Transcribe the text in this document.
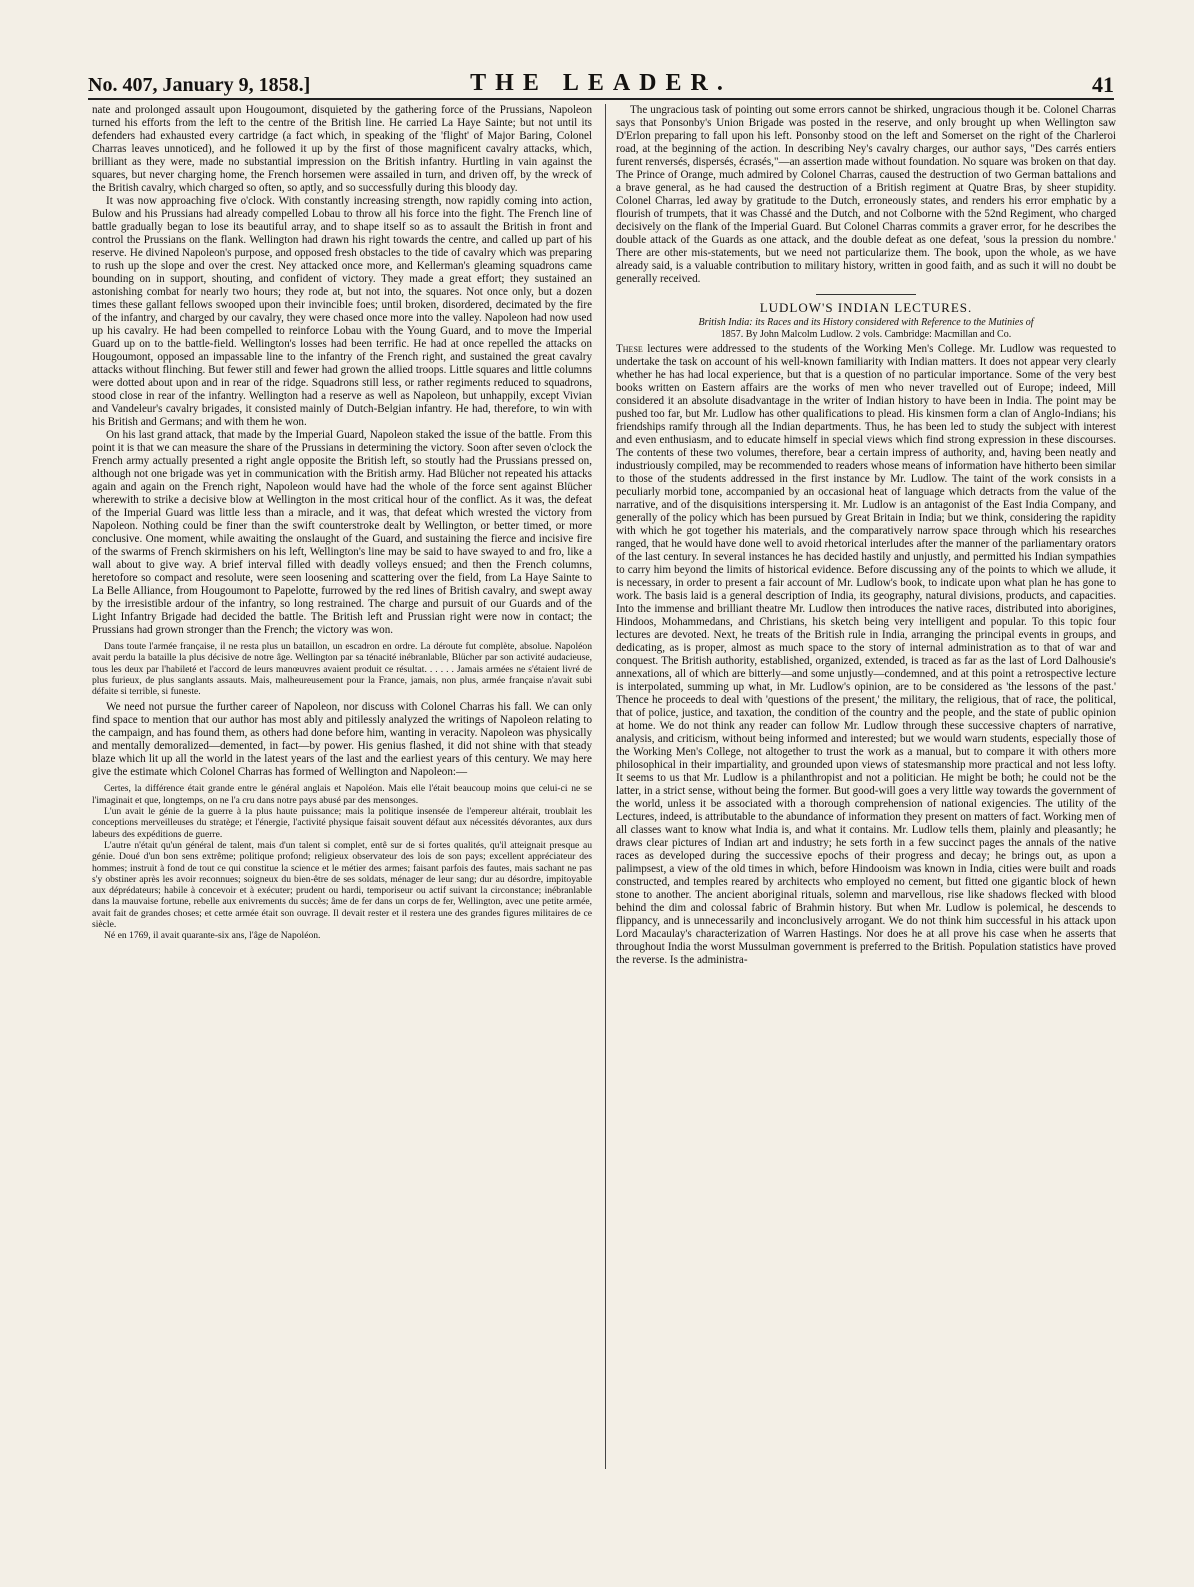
No. 407, January 9, 1858.]	THE LEADER.	41

nate and prolonged assault upon Hougoumont, disquieted by the gathering force of the Prussians, Napoleon turned his efforts from the left to the centre of the British line. He carried La Haye Sainte; but not until its defenders had exhausted every cartridge (a fact which, in speaking of the 'flight' of Major Baring, Colonel Charras leaves unnoticed), and he followed it up by the first of those magnificent cavalry attacks, which, brilliant as they were, made no substantial impression on the British infantry. Hurtling in vain against the squares, but never charging home, the French horsemen were assailed in turn, and driven off, by the wreck of the British cavalry, which charged so often, so aptly, and so successfully during this bloody day.

It was now approaching five o'clock. With constantly increasing strength, now rapidly coming into action, Bulow and his Prussians had already compelled Lobau to throw all his force into the fight. The French line of battle gradually began to lose its beautiful array, and to shape itself so as to assault the British in front and control the Prussians on the flank. Wellington had drawn his right towards the centre, and called up part of his reserve. He divined Napoleon's purpose, and opposed fresh obstacles to the tide of cavalry which was preparing to rush up the slope and over the crest. Ney attacked once more, and Kellerman's gleaming squadrons came bounding on in support, shouting, and confident of victory. They made a great effort; they sustained an astonishing combat for nearly two hours; they rode at, but not into, the squares. Not once only, but a dozen times these gallant fellows swooped upon their invincible foes; until broken, disordered, decimated by the fire of the infantry, and charged by our cavalry, they were chased once more into the valley. Napoleon had now used up his cavalry. He had been compelled to reinforce Lobau with the Young Guard, and to move the Imperial Guard up on to the battle-field. Wellington's losses had been terrific. He had at once repelled the attacks on Hougoumont, opposed an impassable line to the infantry of the French right, and sustained the great cavalry attacks without flinching. But fewer still and fewer had grown the allied troops. Little squares and little columns were dotted about upon and in rear of the ridge. Squadrons still less, or rather regiments reduced to squadrons, stood close in rear of the infantry. Wellington had a reserve as well as Napoleon, but unhappily, except Vivian and Vandeleur's cavalry brigades, it consisted mainly of Dutch-Belgian infantry. He had, therefore, to win with his British and Germans; and with them he won.

On his last grand attack, that made by the Imperial Guard, Napoleon staked the issue of the battle. From this point it is that we can measure the share of the Prussians in determining the victory. Soon after seven o'clock the French army actually presented a right angle opposite the British left, so stoutly had the Prussians pressed on, although not one brigade was yet in communication with the British army. Had Blücher not repeated his attacks again and again on the French right, Napoleon would have had the whole of the force sent against Blücher wherewith to strike a decisive blow at Wellington in the most critical hour of the conflict. As it was, the defeat of the Imperial Guard was little less than a miracle, and it was, that defeat which wrested the victory from Napoleon. Nothing could be finer than the swift counterstroke dealt by Wellington, or better timed, or more conclusive. One moment, while awaiting the onslaught of the Guard, and sustaining the fierce and incisive fire of the swarms of French skirmishers on his left, Wellington's line may be said to have swayed to and fro, like a wall about to give way. A brief interval filled with deadly volleys ensued; and then the French columns, heretofore so compact and resolute, were seen loosening and scattering over the field, from La Haye Sainte to La Belle Alliance, from Hougoumont to Papelotte, furrowed by the red lines of British cavalry, and swept away by the irresistible ardour of the infantry, so long restrained. The charge and pursuit of our Guards and of the Light Infantry Brigade had decided the battle. The British left and Prussian right were now in contact; the Prussians had grown stronger than the French; the victory was won.

Dans toute l'armée française, il ne resta plus un bataillon, un escadron en ordre. La déroute fut complète, absolue. Napoléon avait perdu la bataille la plus décisive de notre âge. Wellington par sa ténacité inébranlable, Blücher par son activité audacieuse, tous les deux par l'habileté et l'accord de leurs manœuvres avaient produit ce résultat. . . . . . Jamais armées ne s'étaient livré de plus furieux, de plus sanglants assauts. Mais, malheureusement pour la France, jamais, non plus, armée française n'avait subi défaite si terrible, si funeste.

We need not pursue the further career of Napoleon, nor discuss with Colonel Charras his fall. We can only find space to mention that our author has most ably and pitilessly analyzed the writings of Napoleon relating to the campaign, and has found them, as others had done before him, wanting in veracity. Napoleon was physically and mentally demoralized—demented, in fact—by power. His genius flashed, it did not shine with that steady blaze which lit up all the world in the latest years of the last and the earliest years of this century. We may here give the estimate which Colonel Charras has formed of Wellington and Napoleon:—

Certes, la différence était grande entre le général anglais et Napoléon. Mais elle l'était beaucoup moins que celui-ci ne se l'imaginait et que, longtemps, on ne l'a cru dans notre pays abusé par des mensonges.

L'un avait le génie de la guerre à la plus haute puissance; mais la politique insensée de l'empereur altérait, troublait les conceptions merveilleuses du stratège; et l'énergie, l'activité physique faisait souvent défaut aux nécessités dévorantes, aux durs labeurs des expéditions de guerre.

L'autre n'était qu'un général de talent, mais d'un talent si complet, entê sur de si fortes qualités, qu'il atteignait presque au génie. Doué d'un bon sens extrême; politique profond; religieux observateur des lois de son pays; excellent appréciateur des hommes; instruit à fond de tout ce qui constitue la science et le métier des armes; faisant parfois des fautes, mais sachant ne pas s'y obstiner après les avoir reconnues; soigneux du bien-être de ses soldats, ménager de leur sang; dur au désordre, impitoyable aux déprédateurs; habile à concevoir et à exécuter; prudent ou hardi, temporiseur ou actif suivant la circonstance; inébranlable dans la mauvaise fortune, rebelle aux enivrements du succès; âme de fer dans un corps de fer, Wellington, avec une petite armée, avait fait de grandes choses; et cette armée était son ouvrage. Il devait rester et il restera une des grandes figures militaires de ce siècle.

Né en 1769, il avait quarante-six ans, l'âge de Napoléon.

The ungracious task of pointing out some errors cannot be shirked, ungracious though it be. Colonel Charras says that Ponsonby's Union Brigade was posted in the reserve, and only brought up when Wellington saw D'Erlon preparing to fall upon his left. Ponsonby stood on the left and Somerset on the right of the Charleroi road, at the beginning of the action. In describing Ney's cavalry charges, our author says, "Des carrés entiers furent renversés, dispersés, écrasés,"—an assertion made without foundation. No square was broken on that day. The Prince of Orange, much admired by Colonel Charras, caused the destruction of two German battalions and a brave general, as he had caused the destruction of a British regiment at Quatre Bras, by sheer stupidity. Colonel Charras, led away by gratitude to the Dutch, erroneously states, and renders his error emphatic by a flourish of trumpets, that it was Chassé and the Dutch, and not Colborne with the 52nd Regiment, who charged decisively on the flank of the Imperial Guard. But Colonel Charras commits a graver error, for he describes the double attack of the Guards as one attack, and the double defeat as one defeat, 'sous la pression du nombre.' There are other mis-statements, but we need not particularize them. The book, upon the whole, as we have already said, is a valuable contribution to military history, written in good faith, and as such it will no doubt be generally received.

LUDLOW'S INDIAN LECTURES.
British India: its Races and its History considered with Reference to the Mutinies of
1857. By John Malcolm Ludlow. 2 vols. Cambridge: Macmillan and Co.

These lectures were addressed to the students of the Working Men's College. Mr. Ludlow was requested to undertake the task on account of his well-known familiarity with Indian matters. It does not appear very clearly whether he has had local experience, but that is a question of no particular importance. Some of the very best books written on Eastern affairs are the works of men who never travelled out of Europe; indeed, Mill considered it an absolute disadvantage in the writer of Indian history to have been in India. The point may be pushed too far, but Mr. Ludlow has other qualifications to plead. His kinsmen form a clan of Anglo-Indians; his friendships ramify through all the Indian departments. Thus, he has been led to study the subject with interest and even enthusiasm, and to educate himself in special views which find strong expression in these discourses. The contents of these two volumes, therefore, bear a certain impress of authority, and, having been neatly and industriously compiled, may be recommended to readers whose means of information have hitherto been similar to those of the students addressed in the first instance by Mr. Ludlow. The taint of the work consists in a peculiarly morbid tone, accompanied by an occasional heat of language which detracts from the value of the narrative, and of the disquisitions interspersing it. Mr. Ludlow is an antagonist of the East India Company, and generally of the policy which has been pursued by Great Britain in India; but we think, considering the rapidity with which he got together his materials, and the comparatively narrow space through which his researches ranged, that he would have done well to avoid rhetorical interludes after the manner of the parliamentary orators of the last century. In several instances he has decided hastily and unjustly, and permitted his Indian sympathies to carry him beyond the limits of historical evidence. Before discussing any of the points to which we allude, it is necessary, in order to present a fair account of Mr. Ludlow's book, to indicate upon what plan he has gone to work. The basis laid is a general description of India, its geography, natural divisions, products, and capacities. Into the immense and brilliant theatre Mr. Ludlow then introduces the native races, distributed into aborigines, Hindoos, Mohammedans, and Christians, his sketch being very intelligent and popular. To this topic four lectures are devoted. Next, he treats of the British rule in India, arranging the principal events in groups, and dedicating, as is proper, almost as much space to the story of internal administration as to that of war and conquest. The British authority, established, organized, extended, is traced as far as the last of Lord Dalhousie's annexations, all of which are bitterly—and some unjustly—condemned, and at this point a retrospective lecture is interpolated, summing up what, in Mr. Ludlow's opinion, are to be considered as 'the lessons of the past.' Thence he proceeds to deal with 'questions of the present,' the military, the religious, that of race, the political, that of police, justice, and taxation, the condition of the country and the people, and the state of public opinion at home. We do not think any reader can follow Mr. Ludlow through these successive chapters of narrative, analysis, and criticism, without being informed and interested; but we would warn students, especially those of the Working Men's College, not altogether to trust the work as a manual, but to compare it with others more philosophical in their impartiality, and grounded upon views of statesmanship more practical and not less lofty. It seems to us that Mr. Ludlow is a philanthropist and not a politician. He might be both; he could not be the latter, in a strict sense, without being the former. But good-will goes a very little way towards the government of the world, unless it be associated with a thorough comprehension of national exigencies. The utility of the Lectures, indeed, is attributable to the abundance of information they present on matters of fact. Working men of all classes want to know what India is, and what it contains. Mr. Ludlow tells them, plainly and pleasantly; he draws clear pictures of Indian art and industry; he sets forth in a few succinct pages the annals of the native races as developed during the successive epochs of their progress and decay; he brings out, as upon a palimpsest, a view of the old times in which, before Hindooism was known in India, cities were built and roads constructed, and temples reared by architects who employed no cement, but fitted one gigantic block of hewn stone to another. The ancient aboriginal rituals, solemn and marvellous, rise like shadows flecked with blood behind the dim and colossal fabric of Brahmin history. But when Mr. Ludlow is polemical, he descends to flippancy, and is unnecessarily and inconclusively arrogant. We do not think him successful in his attack upon Lord Macaulay's characterization of Warren Hastings. Nor does he at all prove his case when he asserts that throughout India the worst Mussulman government is preferred to the British. Population statistics have proved the reverse. Is the administra-
